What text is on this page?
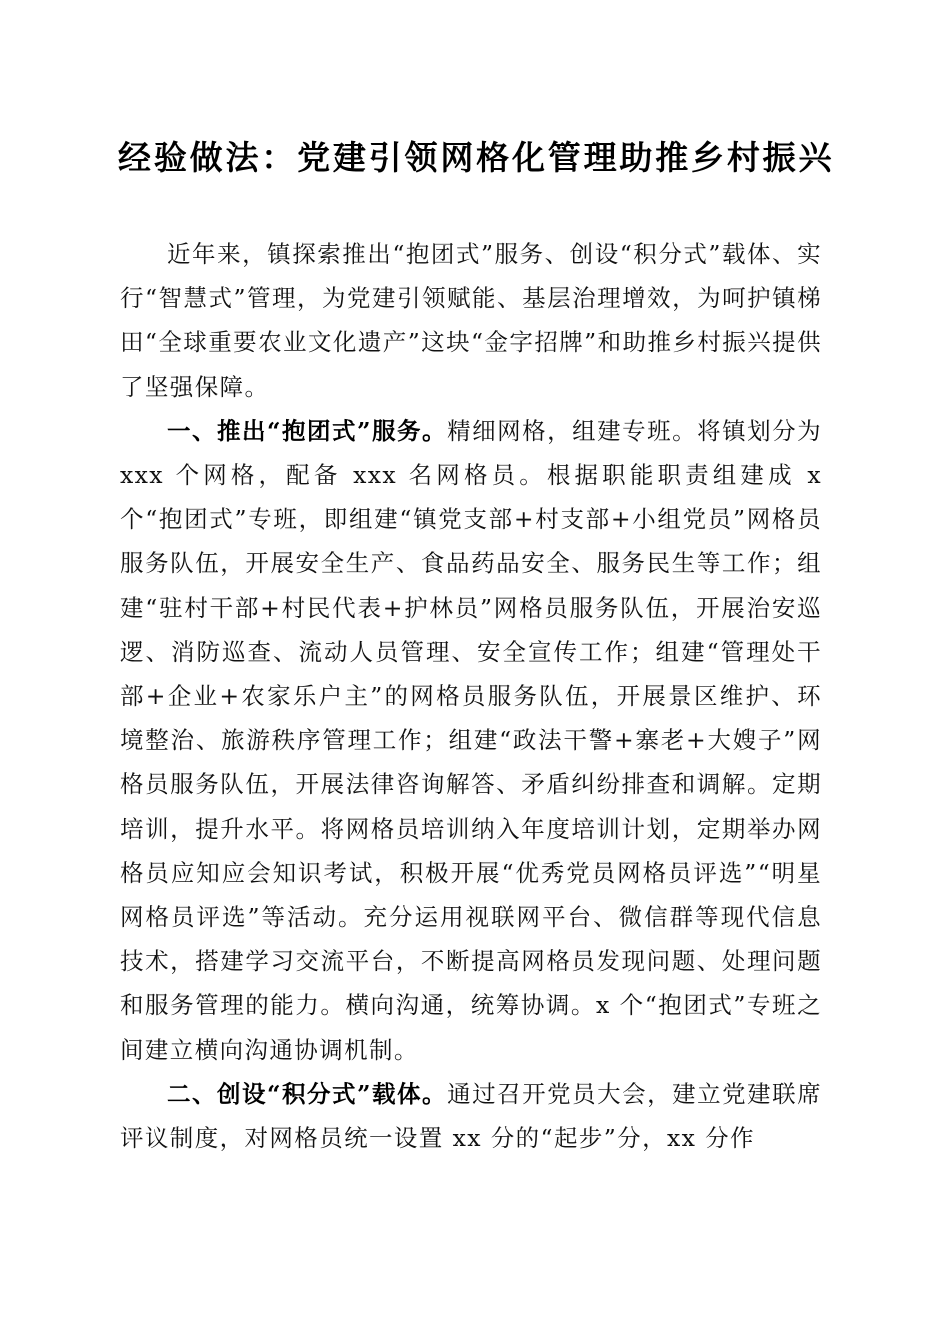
经验做法：党建引领网格化管理助推乡村振兴

近年来，镇探索推出“抱团式”服务、创设“积分式”载体、实行“智慧式”管理，为党建引领赋能、基层治理增效，为呵护镇梯田“全球重要农业文化遗产”这块“金字招牌”和助推乡村振兴提供了坚强保障。

一、推出“抱团式”服务。精细网格，组建专班。将镇划分为 xxx 个网格，配备 xxx 名网格员。根据职能职责组建成 x 个“抱团式”专班，即组建“镇党支部+村支部+小组党员”网格员服务队伍，开展安全生产、食品药品安全、服务民生等工作；组建“驻村干部+村民代表+护林员”网格员服务队伍，开展治安巡逻、消防巡查、流动人员管理、安全宣传工作；组建“管理处干部+企业+农家乐户主”的网格员服务队伍，开展景区维护、环境整治、旅游秩序管理工作；组建“政法干警+寨老+大嫂子”网格员服务队伍，开展法律咨询解答、矛盾纠纷排查和调解。定期培训，提升水平。将网格员培训纳入年度培训计划，定期举办网格员应知应会知识考试，积极开展“优秀党员网格员评选”“明星网格员评选”等活动。充分运用视联网平台、微信群等现代信息技术，搭建学习交流平台，不断提高网格员发现问题、处理问题和服务管理的能力。横向沟通，统筹协调。x 个“抱团式”专班之间建立横向沟通协调机制。

二、创设“积分式”载体。通过召开党员大会，建立党建联席评议制度，对网格员统一设置 xx 分的“起步”分，xx 分作
